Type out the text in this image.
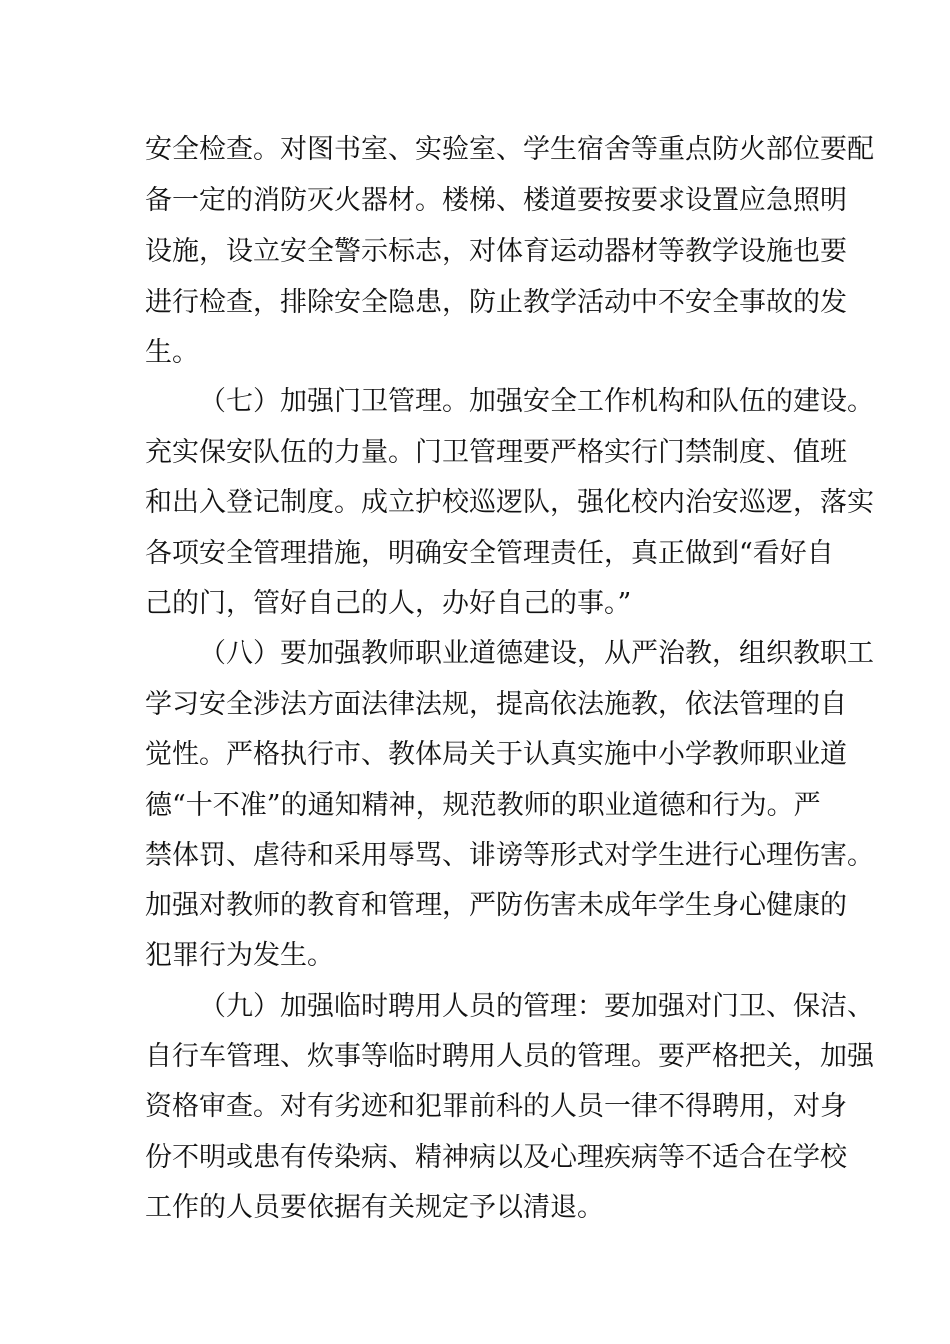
安全检查。对图书室、实验室、学生宿舍等重点防火部位要配
备一定的消防灭火器材。楼梯、楼道要按要求设置应急照明
设施，设立安全警示标志，对体育运动器材等教学设施也要
进行检查，排除安全隐患，防止教学活动中不安全事故的发
生。
（七）加强门卫管理。加强安全工作机构和队伍的建设。
充实保安队伍的力量。门卫管理要严格实行门禁制度、值班
和出入登记制度。成立护校巡逻队，强化校内治安巡逻，落实
各项安全管理措施，明确安全管理责任，真正做到“看好自
己的门，管好自己的人，办好自己的事。”
（八）要加强教师职业道德建设，从严治教，组织教职工
学习安全涉法方面法律法规，提高依法施教，依法管理的自
觉性。严格执行市、教体局关于认真实施中小学教师职业道
德“十不准”的通知精神，规范教师的职业道德和行为。严
禁体罚、虐待和采用辱骂、诽谤等形式对学生进行心理伤害。
加强对教师的教育和管理，严防伤害未成年学生身心健康的
犯罪行为发生。
（九）加强临时聘用人员的管理：要加强对门卫、保洁、
自行车管理、炊事等临时聘用人员的管理。要严格把关，加强
资格审查。对有劣迹和犯罪前科的人员一律不得聘用，对身
份不明或患有传染病、精神病以及心理疾病等不适合在学校
工作的人员要依据有关规定予以清退。
